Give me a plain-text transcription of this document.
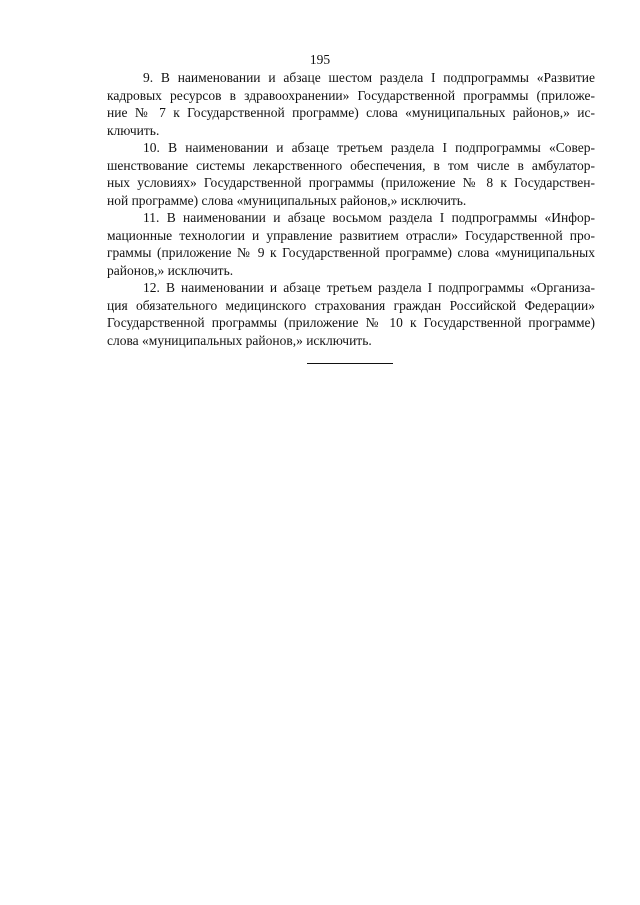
195
9. В наименовании и абзаце шестом раздела I подпрограммы «Развитие
кадровых ресурсов в здравоохранении» Государственной программы (приложе-
ние № 7 к Государственной программе) слова «муниципальных районов,» ис-
ключить.
10. В наименовании и абзаце третьем раздела I подпрограммы «Совер-
шенствование системы лекарственного обеспечения, в том числе в амбулатор-
ных условиях» Государственной программы (приложение № 8 к Государствен-
ной программе) слова «муниципальных районов,» исключить.
11. В наименовании и абзаце восьмом раздела I подпрограммы «Инфор-
мационные технологии и управление развитием отрасли» Государственной про-
граммы (приложение № 9 к Государственной программе) слова «муниципальных
районов,» исключить.
12. В наименовании и абзаце третьем раздела I подпрограммы «Организа-
ция обязательного медицинского страхования граждан Российской Федерации»
Государственной программы (приложение № 10 к Государственной программе)
слова «муниципальных районов,» исключить.
